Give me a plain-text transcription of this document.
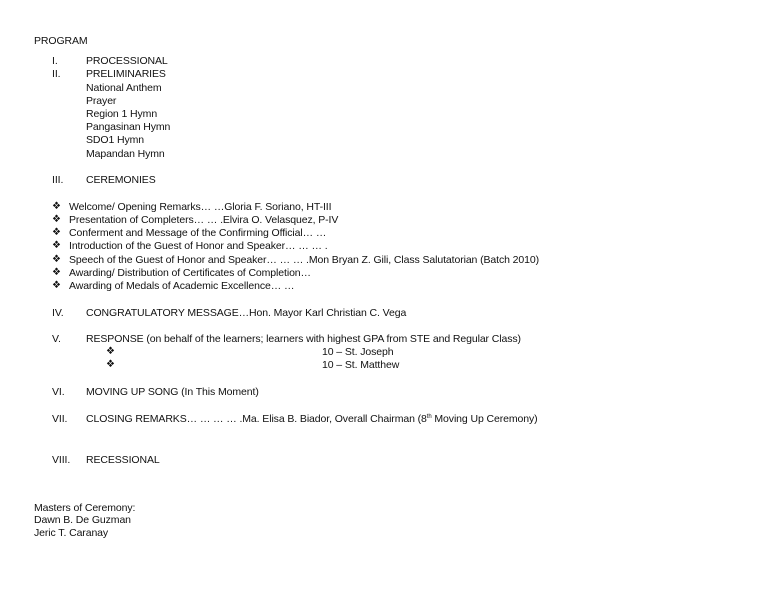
PROGRAM
I.	PROCESSIONAL
II. PRELIMINARIES
National Anthem
Prayer
Region 1 Hymn
Pangasinan Hymn
SDO1 Hymn
Mapandan Hymn
III. CEREMONIES
❖ Welcome/ Opening Remarks… …Gloria F. Soriano, HT-III
❖ Presentation of Completers… … .Elvira O. Velasquez, P-IV
❖ Conferment and Message of the Confirming Official… …
❖ Introduction of the Guest of Honor and Speaker… … … .
❖ Speech of the Guest of Honor and Speaker… … … .Mon Bryan Z. Gili, Class Salutatorian (Batch 2010)
❖ Awarding/ Distribution of Certificates of Completion…
❖ Awarding of Medals of Academic Excellence… …
IV. CONGRATULATORY MESSAGE…Hon. Mayor Karl Christian C. Vega
V. RESPONSE (on behalf of the learners; learners with highest GPA from STE and Regular Class)
❖	10 – St. Joseph
❖	10 – St. Matthew
VI. MOVING UP SONG (In This Moment)
VII. CLOSING REMARKS… … … … .Ma. Elisa B. Biador, Overall Chairman (8th Moving Up Ceremony)
VIII. RECESSIONAL
Masters of Ceremony:
Dawn B. De Guzman
Jeric T. Caranay
